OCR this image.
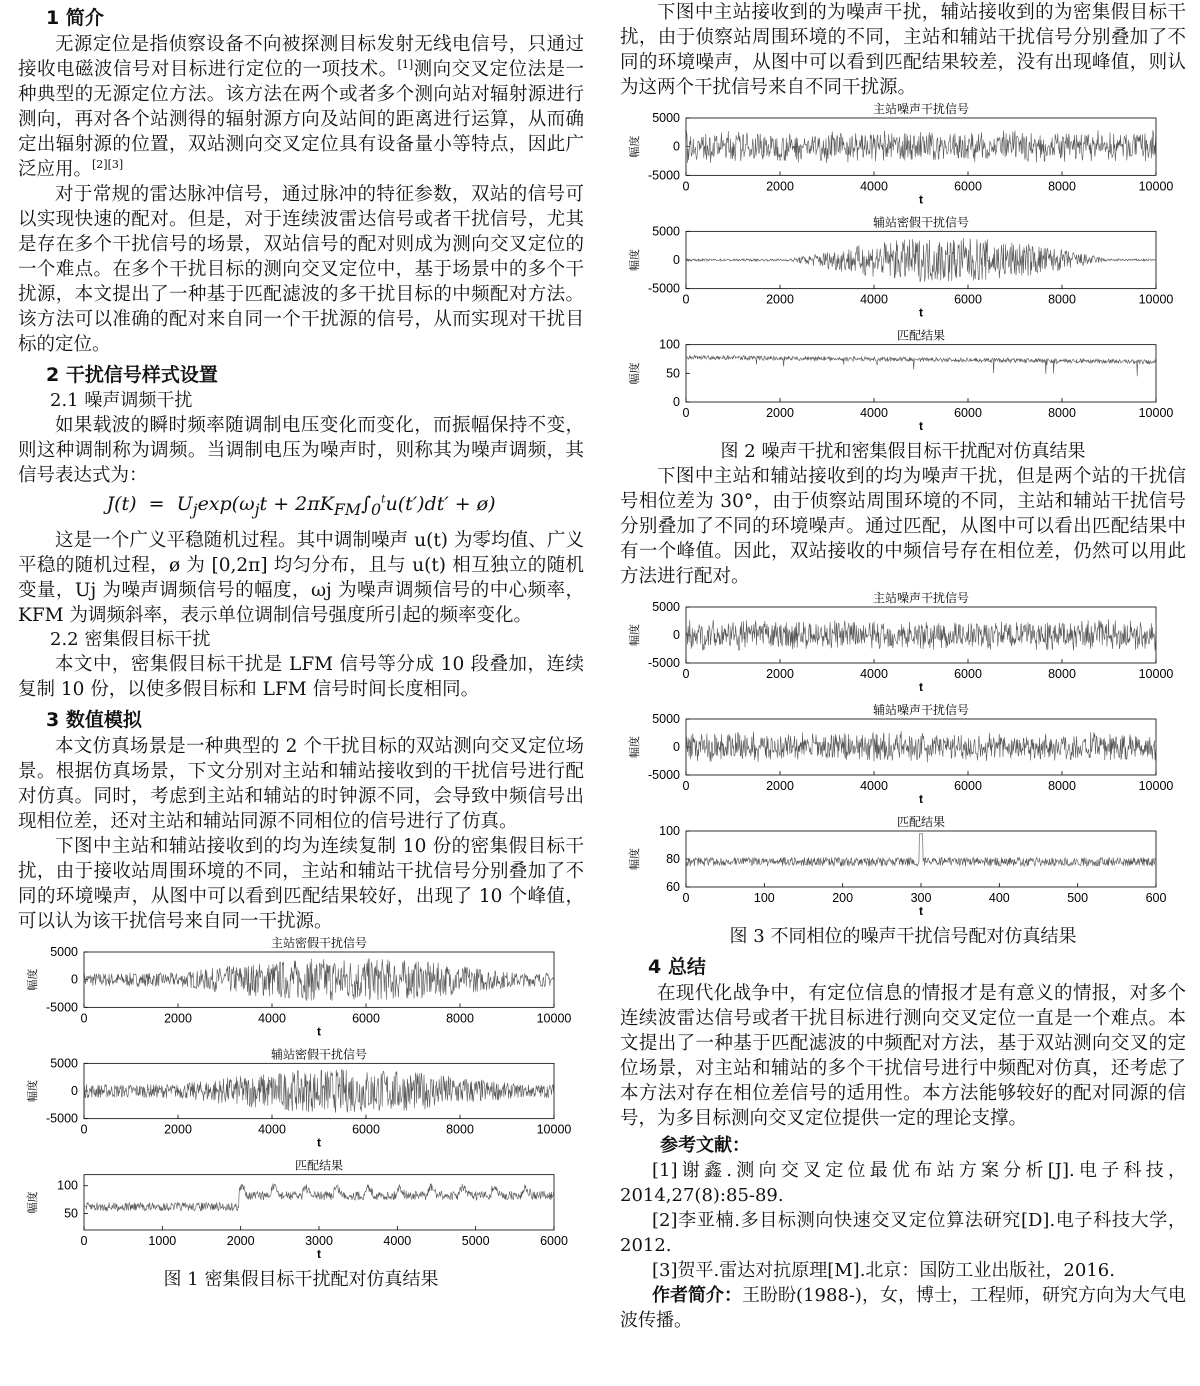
1 简介

无源定位是指侦察设备不向被探测目标发射无线电信号，只通过接收电磁波信号对目标进行定位的一项技术。[1]测向交叉定位法是一种典型的无源定位方法。该方法在两个或者多个测向站对辐射源进行测向，再对各个站测得的辐射源方向及站间的距离进行运算，从而确定出辐射源的位置，双站测向交叉定位具有设备量小等特点，因此广泛应用。[2][3]

对于常规的雷达脉冲信号，通过脉冲的特征参数，双站的信号可以实现快速的配对。但是，对于连续波雷达信号或者干扰信号，尤其是存在多个干扰信号的场景，双站信号的配对则成为测向交叉定位的一个难点。在多个干扰目标的测向交叉定位中，基于场景中的多个干扰源，本文提出了一种基于匹配滤波的多干扰目标的中频配对方法。该方法可以准确的配对来自同一个干扰源的信号，从而实现对干扰目标的定位。

2 干扰信号样式设置
2.1 噪声调频干扰

如果载波的瞬时频率随调制电压变化而变化，而振幅保持不变，则这种调制称为调频。当调制电压为噪声时，则称其为噪声调频，其信号表达式为：

$J(t) = U_j\exp(\omega_jt + 2\pi K_{FM}\int_0^tu(t')dt'$ + ø)

这是一个广义平稳随机过程。其中调制噪声 u(t) 为零均值、广义平稳的随机过程，ø 为 [0,2π] 均匀分布，且与 u(t) 相互独立的随机变量，Uj 为噪声调频信号的幅度，ωj 为噪声调频信号的中心频率，KFM 为调频斜率，表示单位调制信号强度所引起的频率变化。

2.2 密集假目标干扰

本文中，密集假目标干扰是 LFM 信号等分成 10 段叠加，连续复制 10 份，以使多假目标和 LFM 信号时间长度相同。

3 数值模拟

本文仿真场景是一种典型的 2 个干扰目标的双站测向交叉定位场景。根据仿真场景，下文分别对主站和辅站接收到的干扰信号进行配对仿真。同时，考虑到主站和辅站的时钟源不同，会导致中频信号出现相位差，还对主站和辅站同源不同相位的信号进行了仿真。

下图中主站和辅站接收到的均为连续复制 10 份的密集假目标干扰，由于接收站周围环境的不同，主站和辅站干扰信号分别叠加了不同的环境噪声，从图中可以看到匹配结果较好，出现了 10 个峰值，可以认为该干扰信号来自同一干扰源。

主站密假干扰信号
5000
0
-5000
0	2000	4000	6000	8000	10000
t
幅度
辅站密假干扰信号
5000
0
-5000
0	2000	4000	6000	8000	10000
t
幅度
匹配结果
100
50
0	1000	2000	3000	4000	5000	6000
t
幅度
图 1 密集假目标干扰配对仿真结果

下图中主站接收到的为噪声干扰，辅站接收到的为密集假目标干扰，由于侦察站周围环境的不同，主站和辅站干扰信号分别叠加了不同的环境噪声，从图中可以看到匹配结果较差，没有出现峰值，则认为这两个干扰信号来自不同干扰源。

主站噪声干扰信号
5000
0
-5000
0	2000	4000	6000	8000	10000
t
幅度
辅站密假干扰信号
5000
0
-5000
0	2000	4000	6000	8000	10000
t
幅度
匹配结果
100
50
0
0	2000	4000	6000	8000	10000
t
幅度
图 2 噪声干扰和密集假目标干扰配对仿真结果

下图中主站和辅站接收到的均为噪声干扰，但是两个站的干扰信号相位差为 30°，由于侦察站周围环境的不同，主站和辅站干扰信号分别叠加了不同的环境噪声。通过匹配，从图中可以看出匹配结果中有一个峰值。因此，双站接收的中频信号存在相位差，仍然可以用此方法进行配对。

主站噪声干扰信号
5000
0
-5000
0	2000	4000	6000	8000	10000
t
幅度
辅站噪声干扰信号
5000
0
-5000
0	2000	4000	6000	8000	10000
t
幅度
匹配结果
100
80
60
0	100	200	300	400	500	600
t
幅度
图 3 不同相位的噪声干扰信号配对仿真结果
4 总结

在现代化战争中，有定位信息的情报才是有意义的情报，对多个连续波雷达信号或者干扰目标进行测向交叉定位一直是一个难点。本文提出了一种基于匹配滤波的中频配对方法，基于双站测向交叉的定位场景，对主站和辅站的多个干扰信号进行中频配对仿真，还考虑了本方法对存在相位差信号的适用性。本方法能够较好的配对同源的信号，为多目标测向交叉定位提供一定的理论支撑。

参考文献：
[1]谢鑫.测向交叉定位最优布站方案分析[J].电子科技，2014,27(8):85-89.
[2]李亚楠.多目标测向快速交叉定位算法研究[D].电子科技大学，2012.
[3]贺平.雷达对抗原理[M].北京：国防工业出版社，2016.
作者简介：王盼盼(1988-)，女，博士，工程师，研究方向为大气电波传播。
